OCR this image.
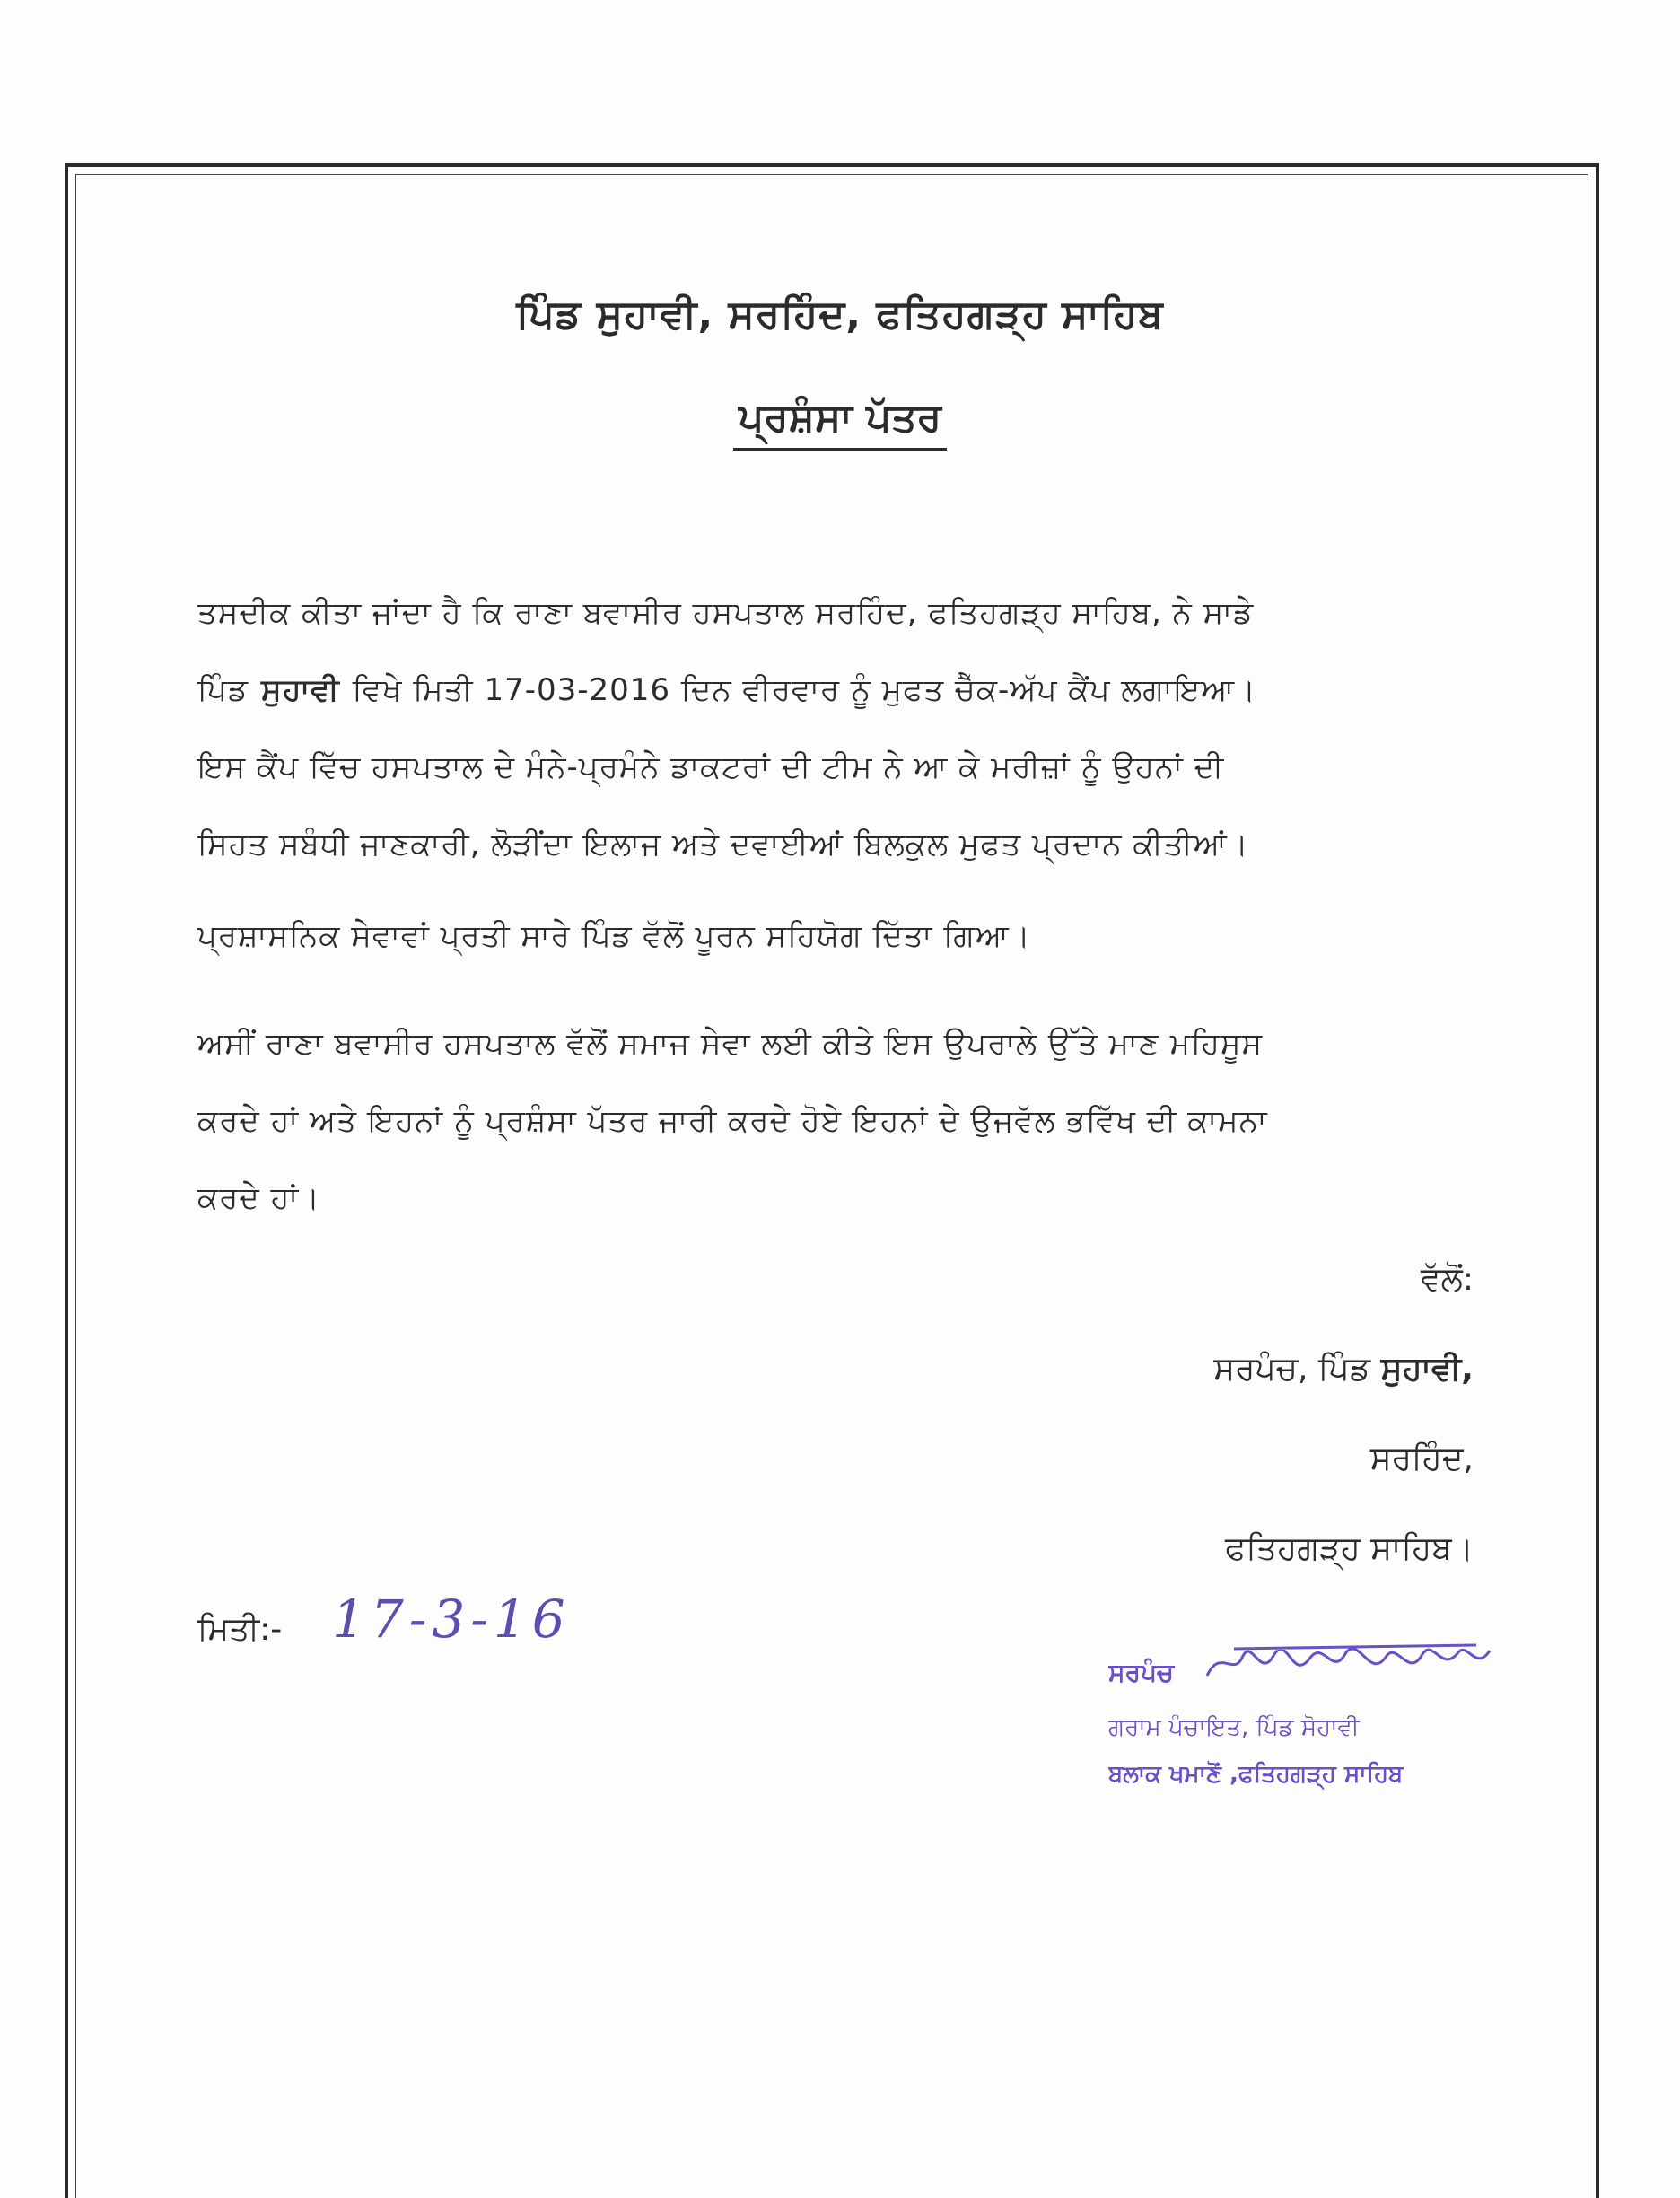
ਪਿੰਡ ਸੁਹਾਵੀ, ਸਰਹਿੰਦ, ਫਤਿਹਗੜ੍ਹ ਸਾਹਿਬ
ਪ੍ਰਸ਼ੰਸਾ ਪੱਤਰ
ਤਸਦੀਕ ਕੀਤਾ ਜਾਂਦਾ ਹੈ ਕਿ ਰਾਣਾ ਬਵਾਸੀਰ ਹਸਪਤਾਲ ਸਰਹਿੰਦ, ਫਤਿਹਗੜ੍ਹ ਸਾਹਿਬ, ਨੇ ਸਾਡੇ
ਪਿੰਡ ਸੁਹਾਵੀ ਵਿਖੇ ਮਿਤੀ 17-03-2016 ਦਿਨ ਵੀਰਵਾਰ ਨੂੰ ਮੁਫਤ ਚੈੱਕ-ਅੱਪ ਕੈਂਪ ਲਗਾਇਆ।
ਇਸ ਕੈਂਪ ਵਿੱਚ ਹਸਪਤਾਲ ਦੇ ਮੰਨੇ-ਪ੍ਰਮੰਨੇ ਡਾਕਟਰਾਂ ਦੀ ਟੀਮ ਨੇ ਆ ਕੇ ਮਰੀਜ਼ਾਂ ਨੂੰ ਉਹਨਾਂ ਦੀ
ਸਿਹਤ ਸਬੰਧੀ ਜਾਣਕਾਰੀ, ਲੋੜੀਂਦਾ ਇਲਾਜ ਅਤੇ ਦਵਾਈਆਂ ਬਿਲਕੁਲ ਮੁਫਤ ਪ੍ਰਦਾਨ ਕੀਤੀਆਂ।
ਪ੍ਰਸ਼ਾਸਨਿਕ ਸੇਵਾਵਾਂ ਪ੍ਰਤੀ ਸਾਰੇ ਪਿੰਡ ਵੱਲੋਂ ਪੂਰਨ ਸਹਿਯੋਗ ਦਿੱਤਾ ਗਿਆ।
ਅਸੀਂ ਰਾਣਾ ਬਵਾਸੀਰ ਹਸਪਤਾਲ ਵੱਲੋਂ ਸਮਾਜ ਸੇਵਾ ਲਈ ਕੀਤੇ ਇਸ ਉਪਰਾਲੇ ਉੱਤੇ ਮਾਣ ਮਹਿਸੂਸ
ਕਰਦੇ ਹਾਂ ਅਤੇ ਇਹਨਾਂ ਨੂੰ ਪ੍ਰਸ਼ੰਸਾ ਪੱਤਰ ਜਾਰੀ ਕਰਦੇ ਹੋਏ ਇਹਨਾਂ ਦੇ ਉਜਵੱਲ ਭਵਿੱਖ ਦੀ ਕਾਮਨਾ
ਕਰਦੇ ਹਾਂ।
ਵੱਲੋਂ:
ਸਰਪੰਚ, ਪਿੰਡ ਸੁਹਾਵੀ,
ਸਰਹਿੰਦ,
ਫਤਿਹਗੜ੍ਹ ਸਾਹਿਬ।
ਮਿਤੀ:- 17-3-16
ਸਰਪੰਚ
ਗਰਾਮ ਪੰਚਾਇਤ, ਪਿੰਡ ਸੋਹਾਵੀ
ਬਲਾਕ ਖਮਾਣੋਂ ,ਫਤਿਹਗੜ੍ਹ ਸਾਹਿਬ
